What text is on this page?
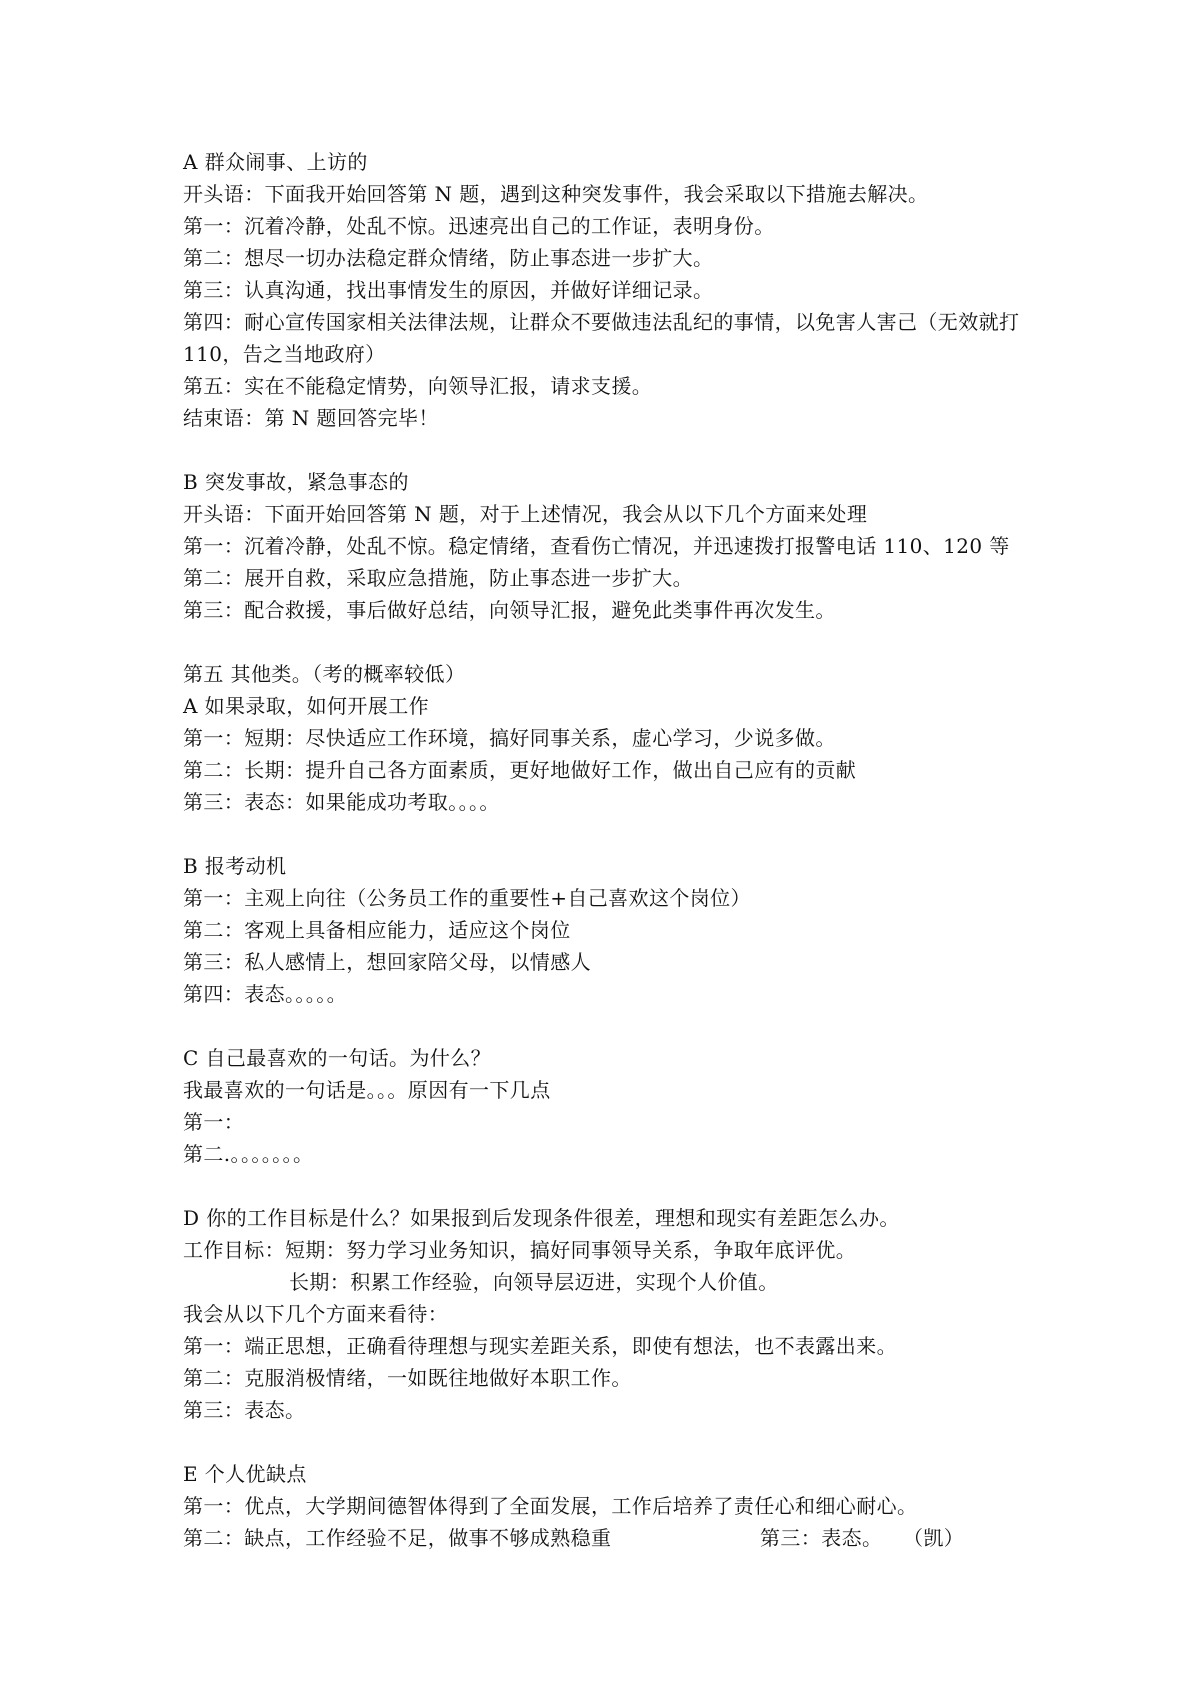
A 群众闹事、上访的
开头语：下面我开始回答第 N 题，遇到这种突发事件，我会采取以下措施去解决。
第一：沉着冷静，处乱不惊。迅速亮出自己的工作证，表明身份。
第二：想尽一切办法稳定群众情绪，防止事态进一步扩大。
第三：认真沟通，找出事情发生的原因，并做好详细记录。
第四：耐心宣传国家相关法律法规，让群众不要做违法乱纪的事情，以免害人害己（无效就打 110，告之当地政府）
第五：实在不能稳定情势，向领导汇报，请求支援。
结束语：第 N 题回答完毕！
B 突发事故，紧急事态的
开头语：下面开始回答第 N 题，对于上述情况，我会从以下几个方面来处理
第一：沉着冷静，处乱不惊。稳定情绪，查看伤亡情况，并迅速拨打报警电话 110、120 等
第二：展开自救，采取应急措施，防止事态进一步扩大。
第三：配合救援，事后做好总结，向领导汇报，避免此类事件再次发生。
第五 其他类。（考的概率较低）
A 如果录取，如何开展工作
第一：短期：尽快适应工作环境，搞好同事关系，虚心学习，少说多做。
第二：长期：提升自己各方面素质，更好地做好工作，做出自己应有的贡献
第三：表态：如果能成功考取。。。。
B 报考动机
第一：主观上向往（公务员工作的重要性+自己喜欢这个岗位）
第二：客观上具备相应能力，适应这个岗位
第三：私人感情上，想回家陪父母，以情感人
第四：表态。。。。。
C 自己最喜欢的一句话。为什么？
我最喜欢的一句话是。。。原因有一下几点
第一：
第二.。。。。。。。
D 你的工作目标是什么？如果报到后发现条件很差，理想和现实有差距怎么办。
工作目标：短期：努力学习业务知识，搞好同事领导关系，争取年底评优。
长期：积累工作经验，向领导层迈进，实现个人价值。
我会从以下几个方面来看待：
第一：端正思想，正确看待理想与现实差距关系，即使有想法，也不表露出来。
第二：克服消极情绪，一如既往地做好本职工作。
第三：表态。
E 个人优缺点
第一：优点，大学期间德智体得到了全面发展，工作后培养了责任心和细心耐心。
第二：缺点，工作经验不足，做事不够成熟稳重	第三：表态。	（凯）
